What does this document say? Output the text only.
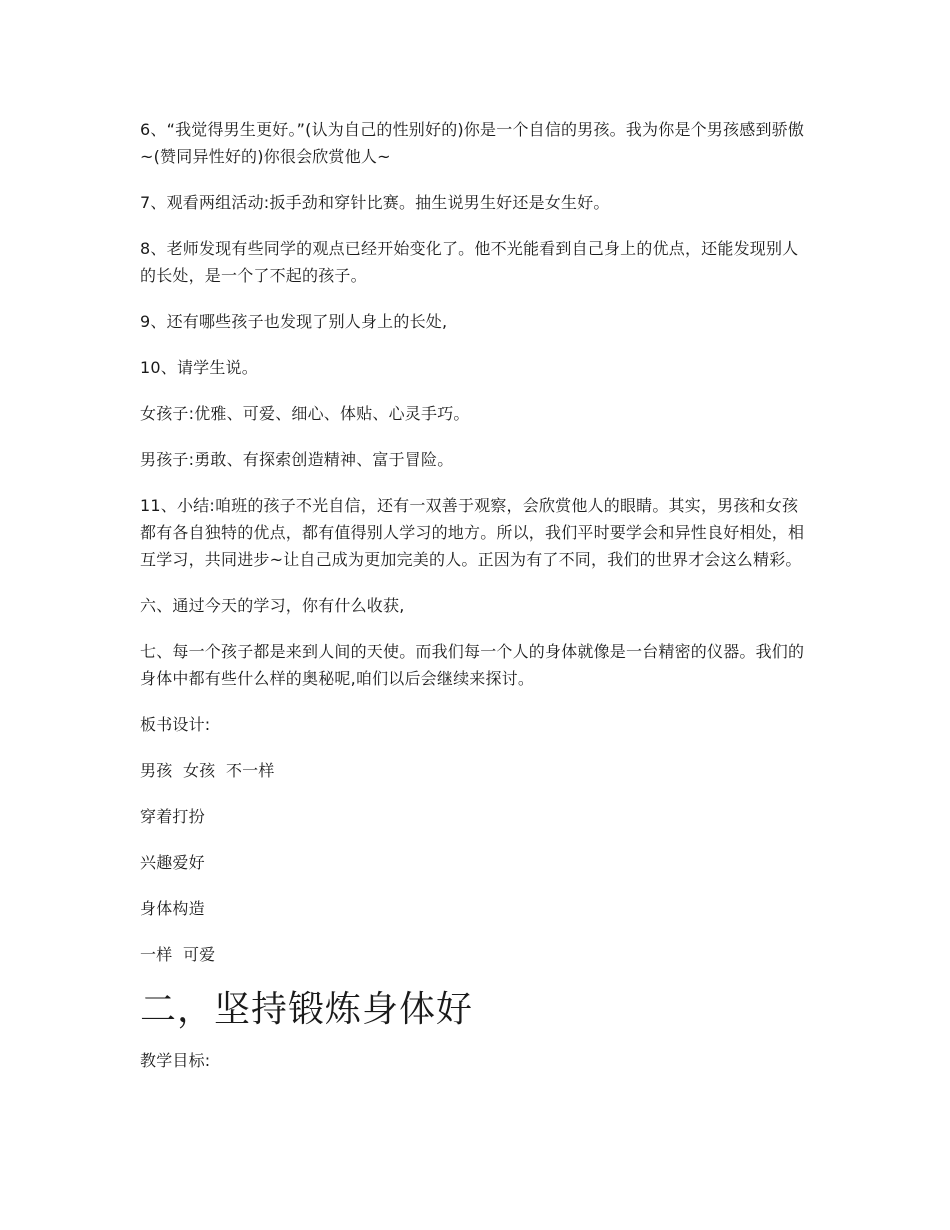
6、“我觉得男生更好。”(认为自己的性别好的)你是一个自信的男孩。我为你是个男孩感到骄傲~(赞同异性好的)你很会欣赏他人~

7、观看两组活动:扳手劲和穿针比赛。抽生说男生好还是女生好。

8、老师发现有些同学的观点已经开始变化了。他不光能看到自己身上的优点，还能发现别人的长处，是一个了不起的孩子。

9、还有哪些孩子也发现了别人身上的长处,

10、请学生说。

女孩子:优雅、可爱、细心、体贴、心灵手巧。

男孩子:勇敢、有探索创造精神、富于冒险。

11、小结:咱班的孩子不光自信，还有一双善于观察，会欣赏他人的眼睛。其实，男孩和女孩都有各自独特的优点，都有值得别人学习的地方。所以，我们平时要学会和异性良好相处，相互学习，共同进步~让自己成为更加完美的人。正因为有了不同，我们的世界才会这么精彩。

六、通过今天的学习，你有什么收获,

七、每一个孩子都是来到人间的天使。而我们每一个人的身体就像是一台精密的仪器。我们的身体中都有些什么样的奥秘呢,咱们以后会继续来探讨。

板书设计:

男孩  女孩  不一样

穿着打扮

兴趣爱好

身体构造

一样  可爱

二，坚持锻炼身体好

教学目标:
